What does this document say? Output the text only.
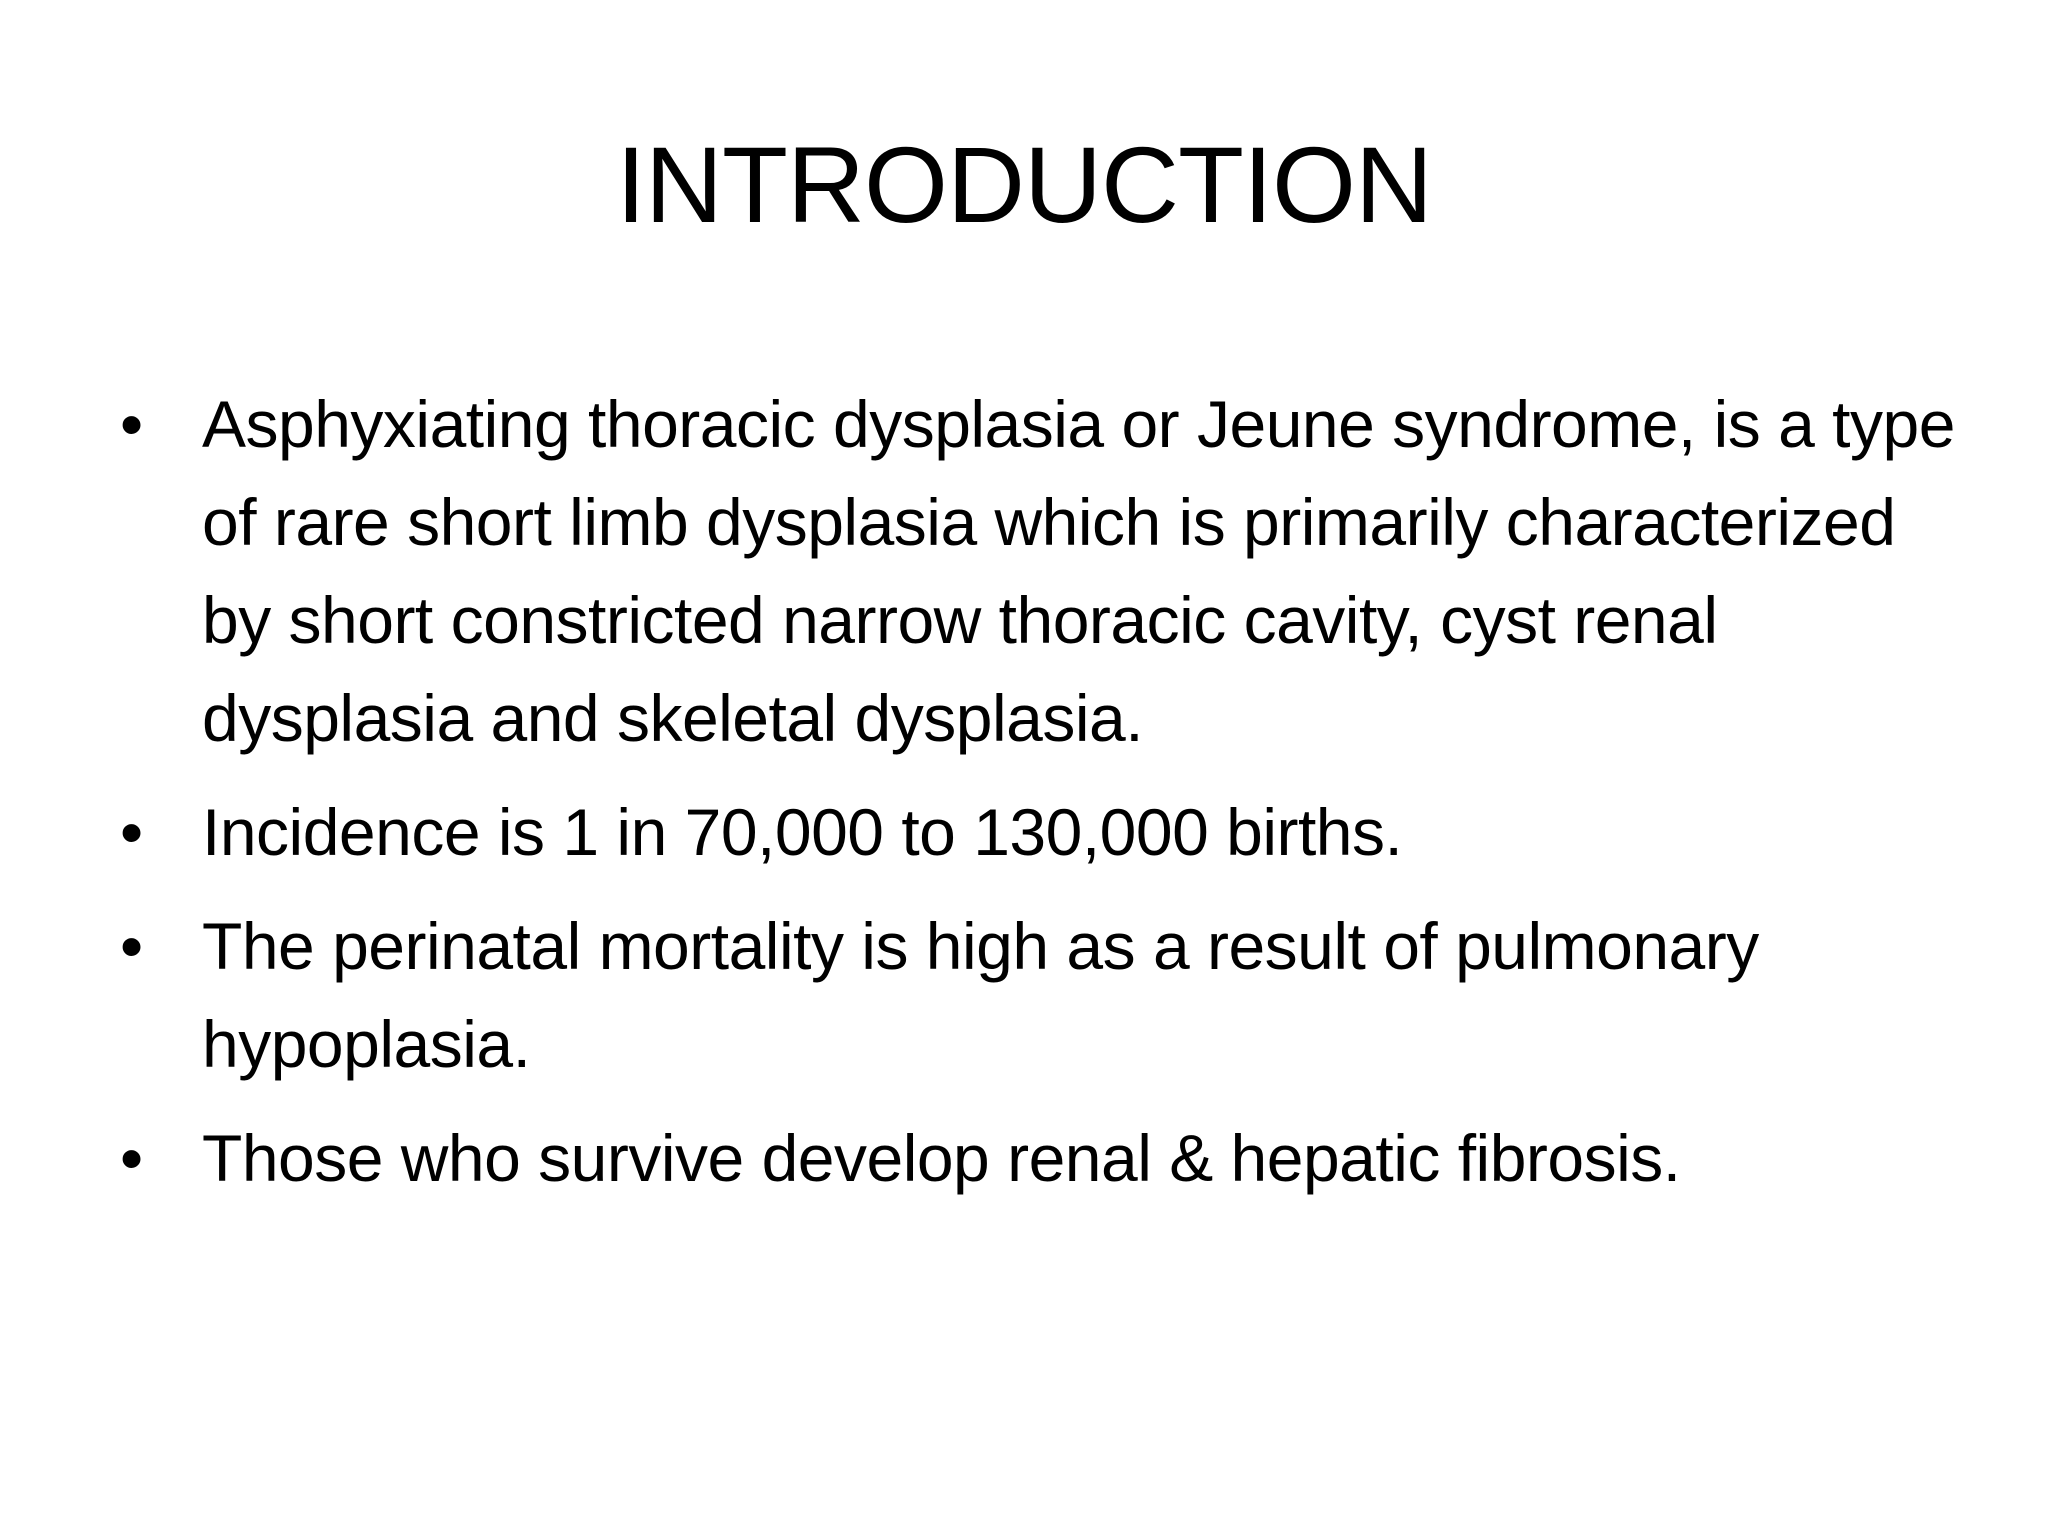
INTRODUCTION
• Asphyxiating thoracic dysplasia or Jeune syndrome, is a type of rare short limb dysplasia which is primarily characterized by short constricted narrow thoracic cavity, cyst renal dysplasia and skeletal dysplasia.
• Incidence is 1 in 70,000 to 130,000 births.
• The perinatal mortality is high as a result of pulmonary hypoplasia.
• Those who survive develop renal & hepatic fibrosis.
